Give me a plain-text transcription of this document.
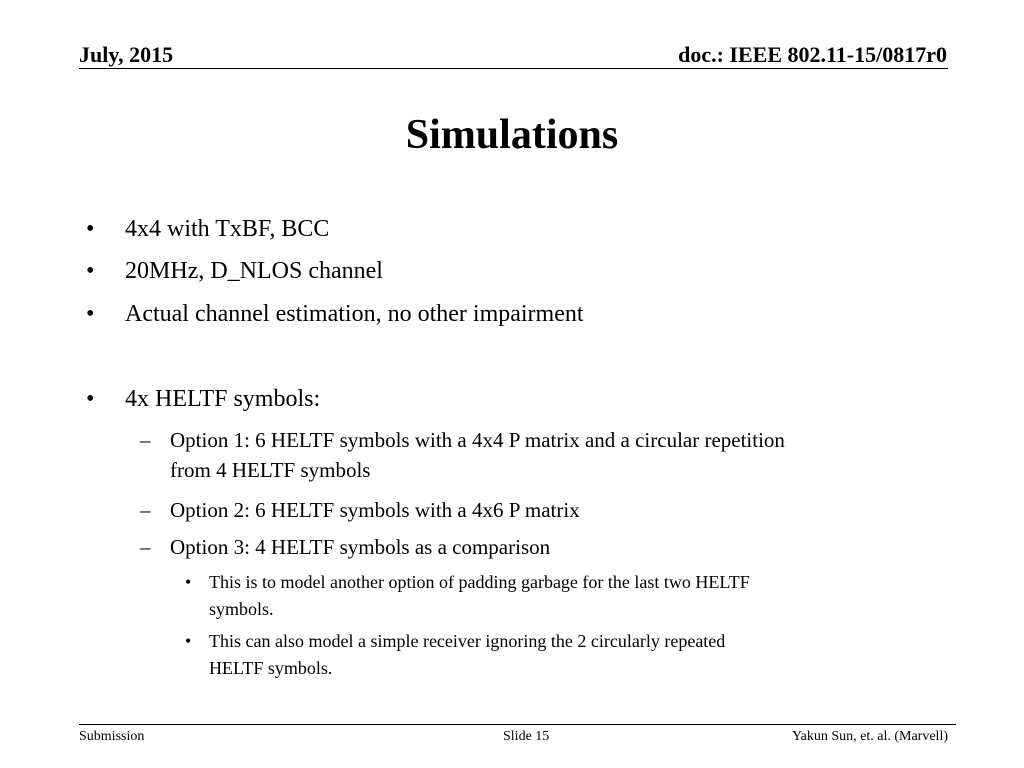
July, 2015	doc.: IEEE 802.11-15/0817r0
Simulations
• 4x4 with TxBF, BCC
• 20MHz, D_NLOS channel
• Actual channel estimation, no other impairment
• 4x HELTF symbols:
– Option 1: 6 HELTF symbols with a 4x4 P matrix and a circular repetition
from 4 HELTF symbols
– Option 2: 6 HELTF symbols with a 4x6 P matrix
– Option 3: 4 HELTF symbols as a comparison
• This is to model another option of padding garbage for the last two HELTF
symbols.
• This can also model a simple receiver ignoring the 2 circularly repeated
HELTF symbols.
Submission	Slide 15	Yakun Sun, et. al. (Marvell)
